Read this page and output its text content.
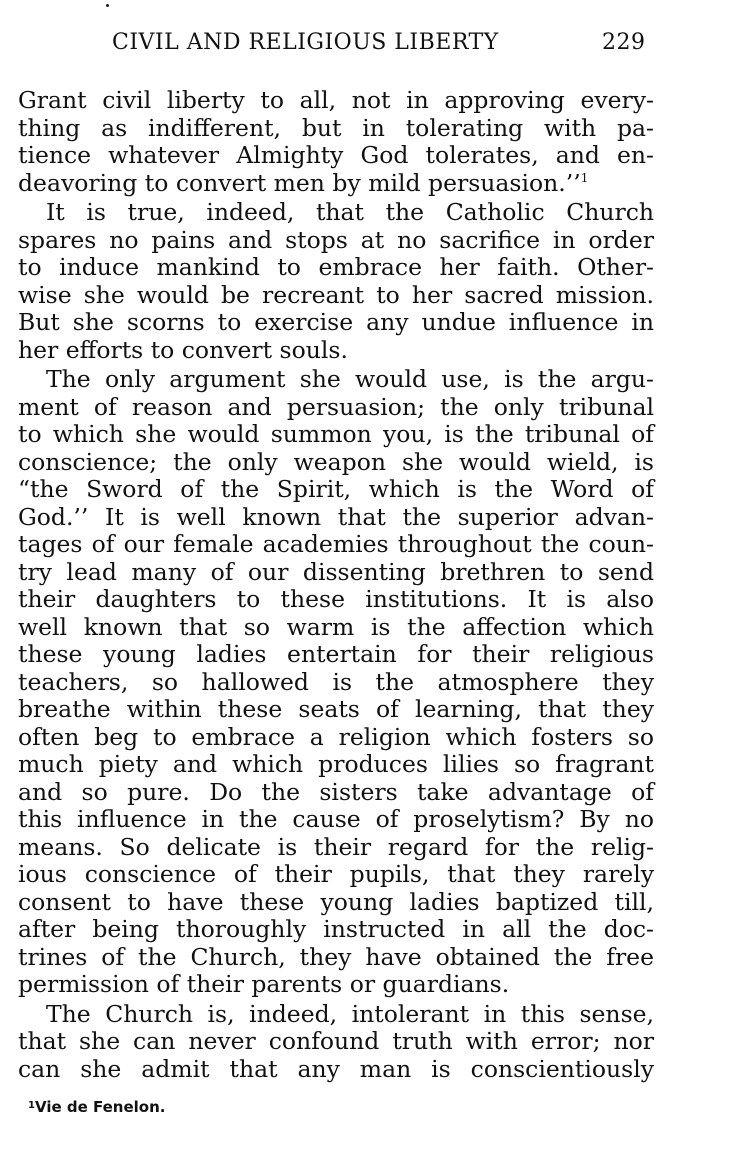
CIVIL AND RELIGIOUS LIBERTY	229
Grant civil liberty to all, not in approving every-
thing as indifferent, but in tolerating with pa-
tience whatever Almighty God tolerates, and en-
deavoring to convert men by mild persuasion.’’$^1$
It is true, indeed, that the Catholic Church
spares no pains and stops at no sacrifice in order
to induce mankind to embrace her faith. Other-
wise she would be recreant to her sacred mission.
But she scorns to exercise any undue influence in
her efforts to convert souls.
The only argument she would use, is the argu-
ment of reason and persuasion; the only tribunal
to which she would summon you, is the tribunal of
conscience; the only weapon she would wield, is
“the Sword of the Spirit, which is the Word of
God.’’ It is well known that the superior advan-
tages of our female academies throughout the coun-
try lead many of our dissenting brethren to send
their daughters to these institutions. It is also
well known that so warm is the affection which
these young ladies entertain for their religious
teachers, so hallowed is the atmosphere they
breathe within these seats of learning, that they
often beg to embrace a religion which fosters so
much piety and which produces lilies so fragrant
and so pure. Do the sisters take advantage of
this influence in the cause of proselytism? By no
means. So delicate is their regard for the relig-
ious conscience of their pupils, that they rarely
consent to have these young ladies baptized till,
after being thoroughly instructed in all the doc-
trines of the Church, they have obtained the free
permission of their parents or guardians.
The Church is, indeed, intolerant in this sense,
that she can never confound truth with error; nor
can she admit that any man is conscientiously
$^1$Vie de Fenelon.
